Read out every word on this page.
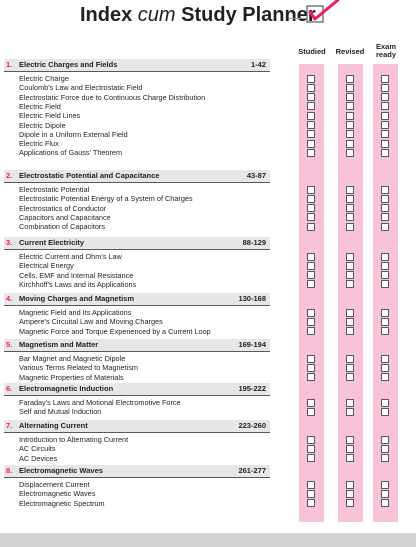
Index cum Study Planner
Studied	Revised
Exam
ready
1. Electric Charges and Fields	1-42
Electric Charge
Coulomb's Law and Electrostatic Field
Electrostatic Force due to Continuous Charge Distribution
Electric Field
Electric Field Lines
Electric Dipole
Dipole in a Uniform External Field
Electric Flux
Applications of Gauss' Theorem
2. Electrostatic Potential and Capacitance	43-87
Electrostatic Potential
Electrostatic Potential Energy of a System of Charges
Electrostatics of Conductor
Capacitors and Capacitance
Combination of Capacitors
3. Current Electricity	88-129
Electric Current and Ohm's Law
Electrical Energy
Cells, EMF and Internal Resistance
Kirchhoff's Laws and its Applications
4. Moving Charges and Magnetism	130-168
Magnetic Field and Its Applications
Ampere's Circuital Law and Moving Charges
Magnetic Force and Torque Experienced by a Current Loop
5. Magnetism and Matter	169-194
Bar Magnet and Magnetic Dipole
Various Terms Related to Magnetism
Magnetic Properties of Materials
6. Electromagnetic Induction	195-222
Faraday's Laws and Motional Electromotive Force
Self and Mutual Induction
7. Alternating Current	223-260
Introduction to Alternating Current
AC Circuits
AC Devices
8. Electromagnetic Waves	261-277
Displacement Current
Electromagnetic Waves
Electromagnetic Spectrum
